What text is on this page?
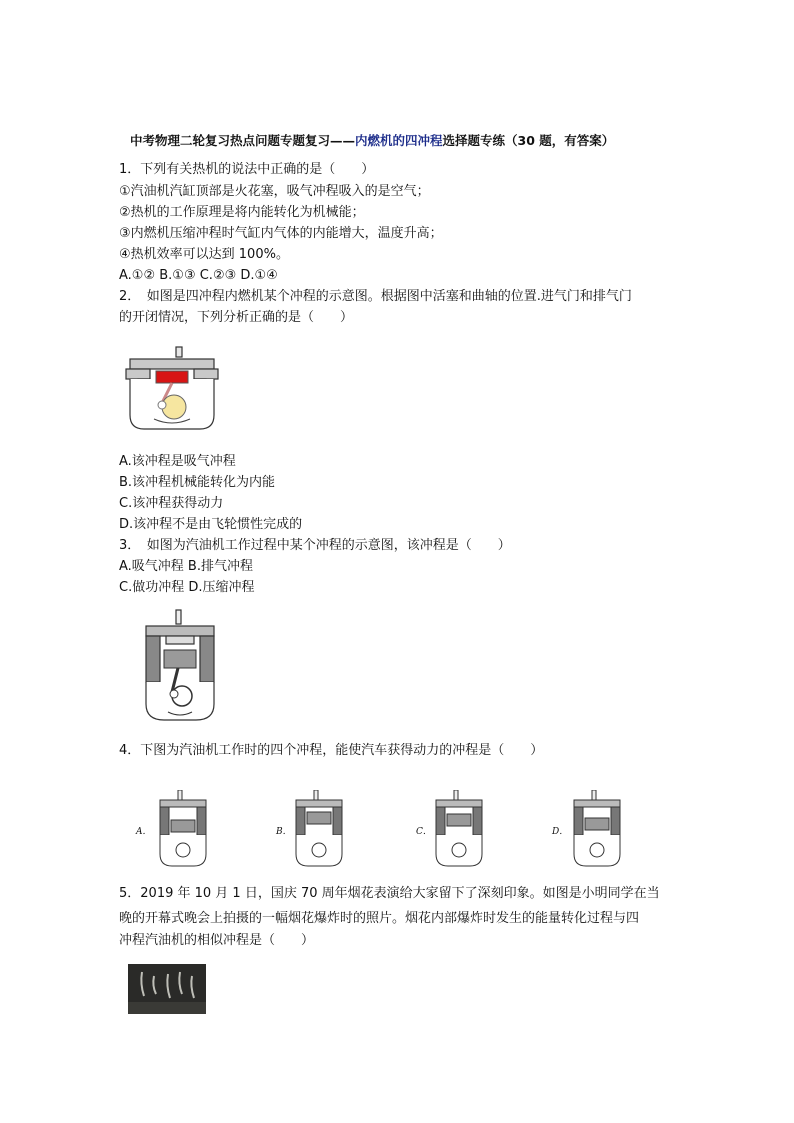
中考物理二轮复习热点问题专题复习——内燃机的四冲程选择题专练（30 题，有答案）
1．下列有关热机的说法中正确的是（　　）
①汽油机汽缸顶部是火花塞，吸气冲程吸入的是空气；
②热机的工作原理是将内能转化为机械能；
③内燃机压缩冲程时气缸内气体的内能增大，温度升高；
④热机效率可以达到 100%。
A.①② B.①③ C.②③ D.①④
2．　如图是四冲程内燃机某个冲程的示意图。根据图中活塞和曲轴的位置.进气门和排气门
的开闭情况，下列分析正确的是（　　）
A.该冲程是吸气冲程
B.该冲程机械能转化为内能
C.该冲程获得动力
D.该冲程不是由飞轮惯性完成的
3．　如图为汽油机工作过程中某个冲程的示意图，该冲程是（　　）
A.吸气冲程 B.排气冲程
C.做功冲程 D.压缩冲程
4．下图为汽油机工作时的四个冲程，能使汽车获得动力的冲程是（　　）
A．	B．	C．	D．
5．2019 年 10 月 1 日，国庆 70 周年烟花表演给大家留下了深刻印象。如图是小明同学在当
晚的开幕式晚会上拍摄的一幅烟花爆炸时的照片。烟花内部爆炸时发生的能量转化过程与四
冲程汽油机的相似冲程是（　　）
